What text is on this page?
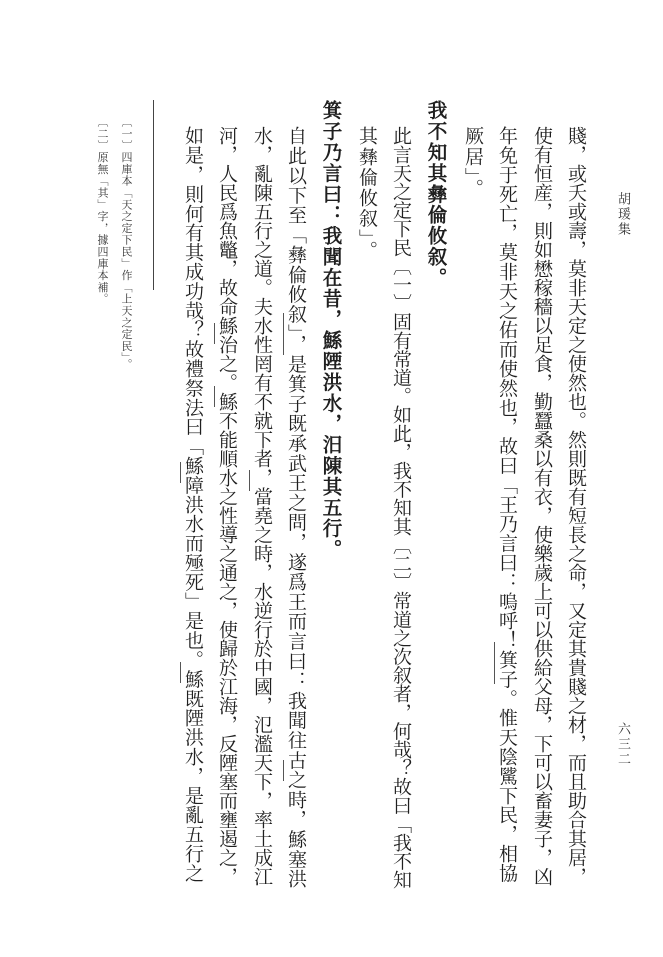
胡瑗集
六三二
賤，或夭或壽，莫非天定之使然也。然則既有短長之命，又定其貴賤之材，而且助合其居，
使有恒産，則如懋稼穡以足食，勤蠶桑以有衣，使樂歲上可以供給父母，下可以畜妻子，凶
年免于死亡，莫非天之佑而使然也，故曰「王乃言曰：嗚呼！箕子。惟天陰騭下民，相協
厥居」。
我不知其彝倫攸叙。
此言天之定下民〔一〕固有常道。如此，我不知其〔二〕常道之次叙者，何哉？故曰「我不知
其彝倫攸叙」。
箕子乃言曰：我聞在昔，鯀陻洪水，汨陳其五行。
自此以下至「彝倫攸叙」，是箕子既承武王之問，遂爲王而言曰：我聞往古之時，鯀塞洪
水，亂陳五行之道。夫水性罔有不就下者，當堯之時，水逆行於中國，氾濫天下，率土成江
河，人民爲魚鼈，故命鯀治之。鯀不能順水之性導之通之，使歸於江海，反陻塞而壅遏之，
如是，則何有其成功哉？故禮祭法曰「鯀障洪水而殛死」是也。鯀既陻洪水，是亂五行之
〔一〕四庫本「天之定下民」作「上天之定民」。
〔二〕原無「其」字，據四庫本補。
